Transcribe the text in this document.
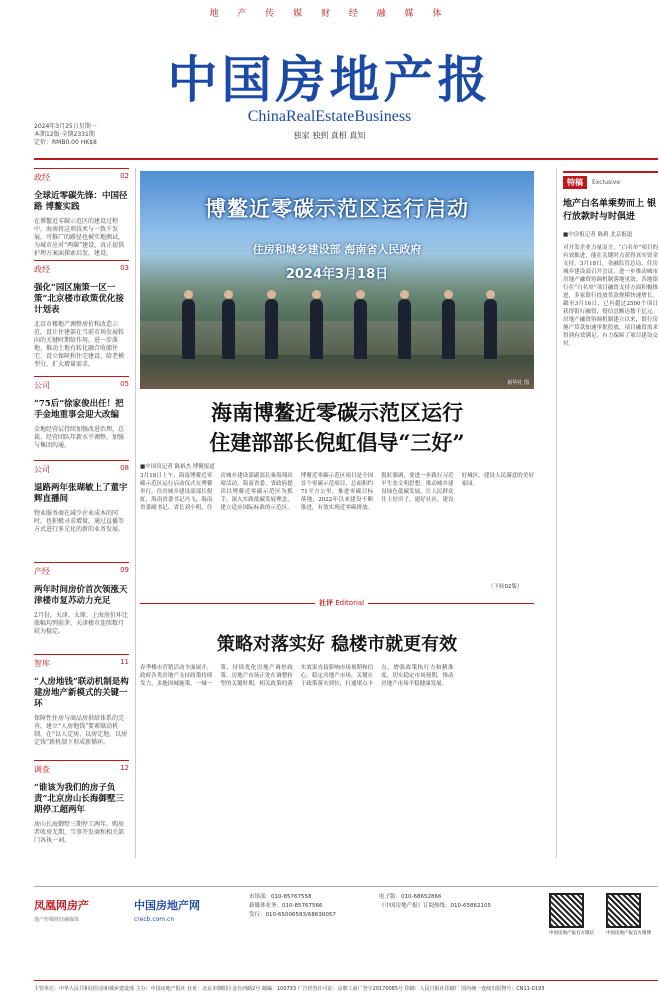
地 产 传 媒 财 经 融 媒 体
中国房地产报
ChinaRealEstateBusiness
独家 独到 真相 真知
2024年3月25日星期一
本期12版·全期2331期
定价：RMB0.00 HK$8
政经	02
全球近零碳先锋：中国径路 博鳌实践
在博鳌近零碳示范区的建设过程中，海南将这项技术与一致千发展，可推广的路径也被实地测试，为城市应对“两碳”建设，真正提供护理方案面探索启发，建设。
政经	03
强化“园区施策一区一策”北京楼市政策优化接计划表
北京市楼地产调整房价和改造示范，设计住建部在当前市场发展转向的关键时期给作用，进一步落地，推动土地有转化融合收储住宅、设立保障和住宅建设，给老模型分，扩大增量需求。
公司	05
“75后”徐家俊出任！把手金地重事会迎大改编
金地经营层持续加强改进治理，总裁、经营团队年薪水平调整，加强与集团沟通。
公司	08
退路两年张瑚敏上了董宇辉直播间
物业服务商在减少企业成本的同时，也积极寻求增量，通过直播等方式进行多元化的新的业务发展。
产经	09
两年时间房价首次领涨天津楼市复苏动力充足
2月份，天津、太原、上海房价环比涨幅均列前茅，天津楼市连续数月较为稳定。
智库	11
“人房地钱”联动机制是构建房地产新模式的关键一环
保障性住房与商品房供给体系的完善，建立“人房地钱”要素联动机制，在“以人定房、以房定地、以房定钱”新机制下形成新循环。
调查	12
“谁该为我们的房子负责”北京房山长海御墅三期停工超两年
房山长海御墅三期停工两年，购房者收房无期，当事开发商和相关部门各执一词。
博鳌近零碳示范区运行启动
住房和城乡建设部 海南省人民政府
2024年3月18日
新华社 图
海南博鳌近零碳示范区运行
住建部部长倪虹倡导“三好”
■中国房记者 陈裕杰 博鳌报道
3月18日上午，海南博鳌近零碳示范区运行启动仪式在博鳌举行。住房城乡建设部部长倪虹，海南省委书记冯飞，海南省委副书记、省长刘小明，住房城乡建设部副部长秦海翔出席活动。海南省委、省政府提出以博鳌近零碳示范区为抓手，深入实践低碳发展理念，建立适应国际标准的示范区。博鳌近零碳示范区项目是全国首个零碳示范项目，总面积约71平方公里，推进零碳目标落地，2022年以来建设不断推进，有效实现近零碳排放。倪虹强调，要进一步践行习近平生态文明思想，推动城乡建设绿色低碳发展，让人民群众住上好房子、建好社区、建设好城区，建设人民满意的美好家园。
（下转02版）
社评 Editorial
策略对落实好 稳楼市就更有效
春季楼市营销活动全面展开，政府各类房地产支持政策持续发力，多地因城施策、一城一策，持续优化房地产调控政策。房地产市场正处在调整转型的关键时期，相关政策的落实效果直接影响市场预期和信心。稳定房地产市场，关键在于政策落实到位，打通堵点卡点，增强政策执行力和精准度，切实稳定市场预期，推动房地产市场平稳健康发展。
特稿	Exclusive
地产白名单乘势而上 银行放款时与时俱进
■中房报记者 陈莉 北京报道
对开发企业力量而言，“白名单”项目的有效推进，能在关键时点获得真实资金支持。3月18日，金融监管总局、住房城乡建设部召开会议，进一步推动城市房地产融资协调机制落地见效。各地银行在“白名单”项目融资支持方面积极推进，多家银行投放贷款规模快速增长。截至3月16日，已有超过2500个项目获得银行融资，授信总额达数千亿元。房地产融资协调机制建立以来，银行房地产贷款加速审批投放，项目融资需求得到有效满足，有力保障了项目建设交付。
凤凰网房产
地产传媒财经融媒体
中国房地产网
crecb.com.cn
市场部：010-85767558
新媒体业务：010-85767566
发行：010-65006593/68630057
电子版：010-68652866
《中国房地产报》订阅热线：010-65862105
中国房地产报官方微信	中国房地产报官方微博
主管单位：中华人民共和国住房和城乡建设部 主办：中国房地产报社 社址：北京市朝阳区金台西路2号 邮编：100733 广告经营许可证：京朝工商广登字20170065号 印刷：人民日报社印刷厂 国内统一连续出版物号：CN11-0193
